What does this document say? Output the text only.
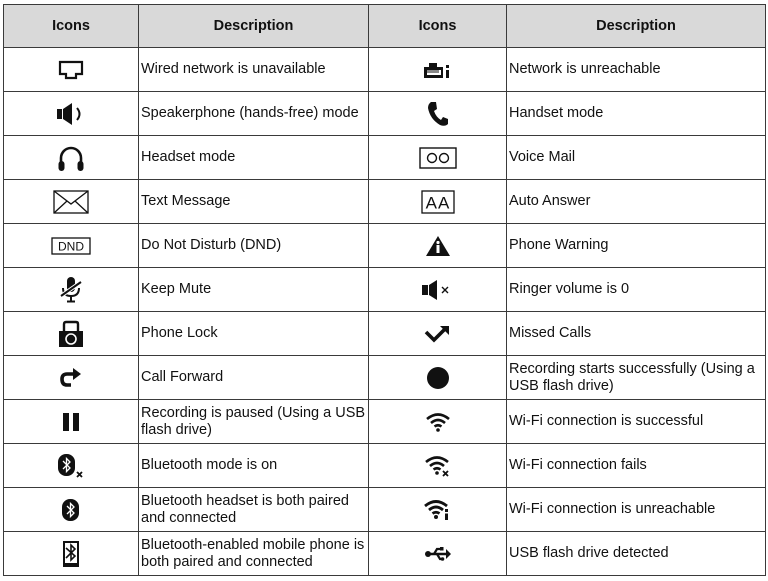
Icons	Description	Icons	Description

	Wired network is unavailable		Network is unreachable

	Speakerphone (hands-free) mode		Handset mode

	Headset mode		Voice Mail

	Text Message	AA	Auto Answer

DND	Do Not Disturb (DND)		Phone Warning

	Keep Mute		Ringer volume is 0

	Phone Lock		Missed Calls

	Call Forward		Recording starts successfully (Using a USB flash drive)

	Recording is paused (Using a USB flash drive)		Wi-Fi connection is successful

	Bluetooth mode is on		Wi-Fi connection fails

	Bluetooth headset is both paired and connected		Wi-Fi connection is unreachable

	Bluetooth-enabled mobile phone is both paired and connected		USB flash drive detected
